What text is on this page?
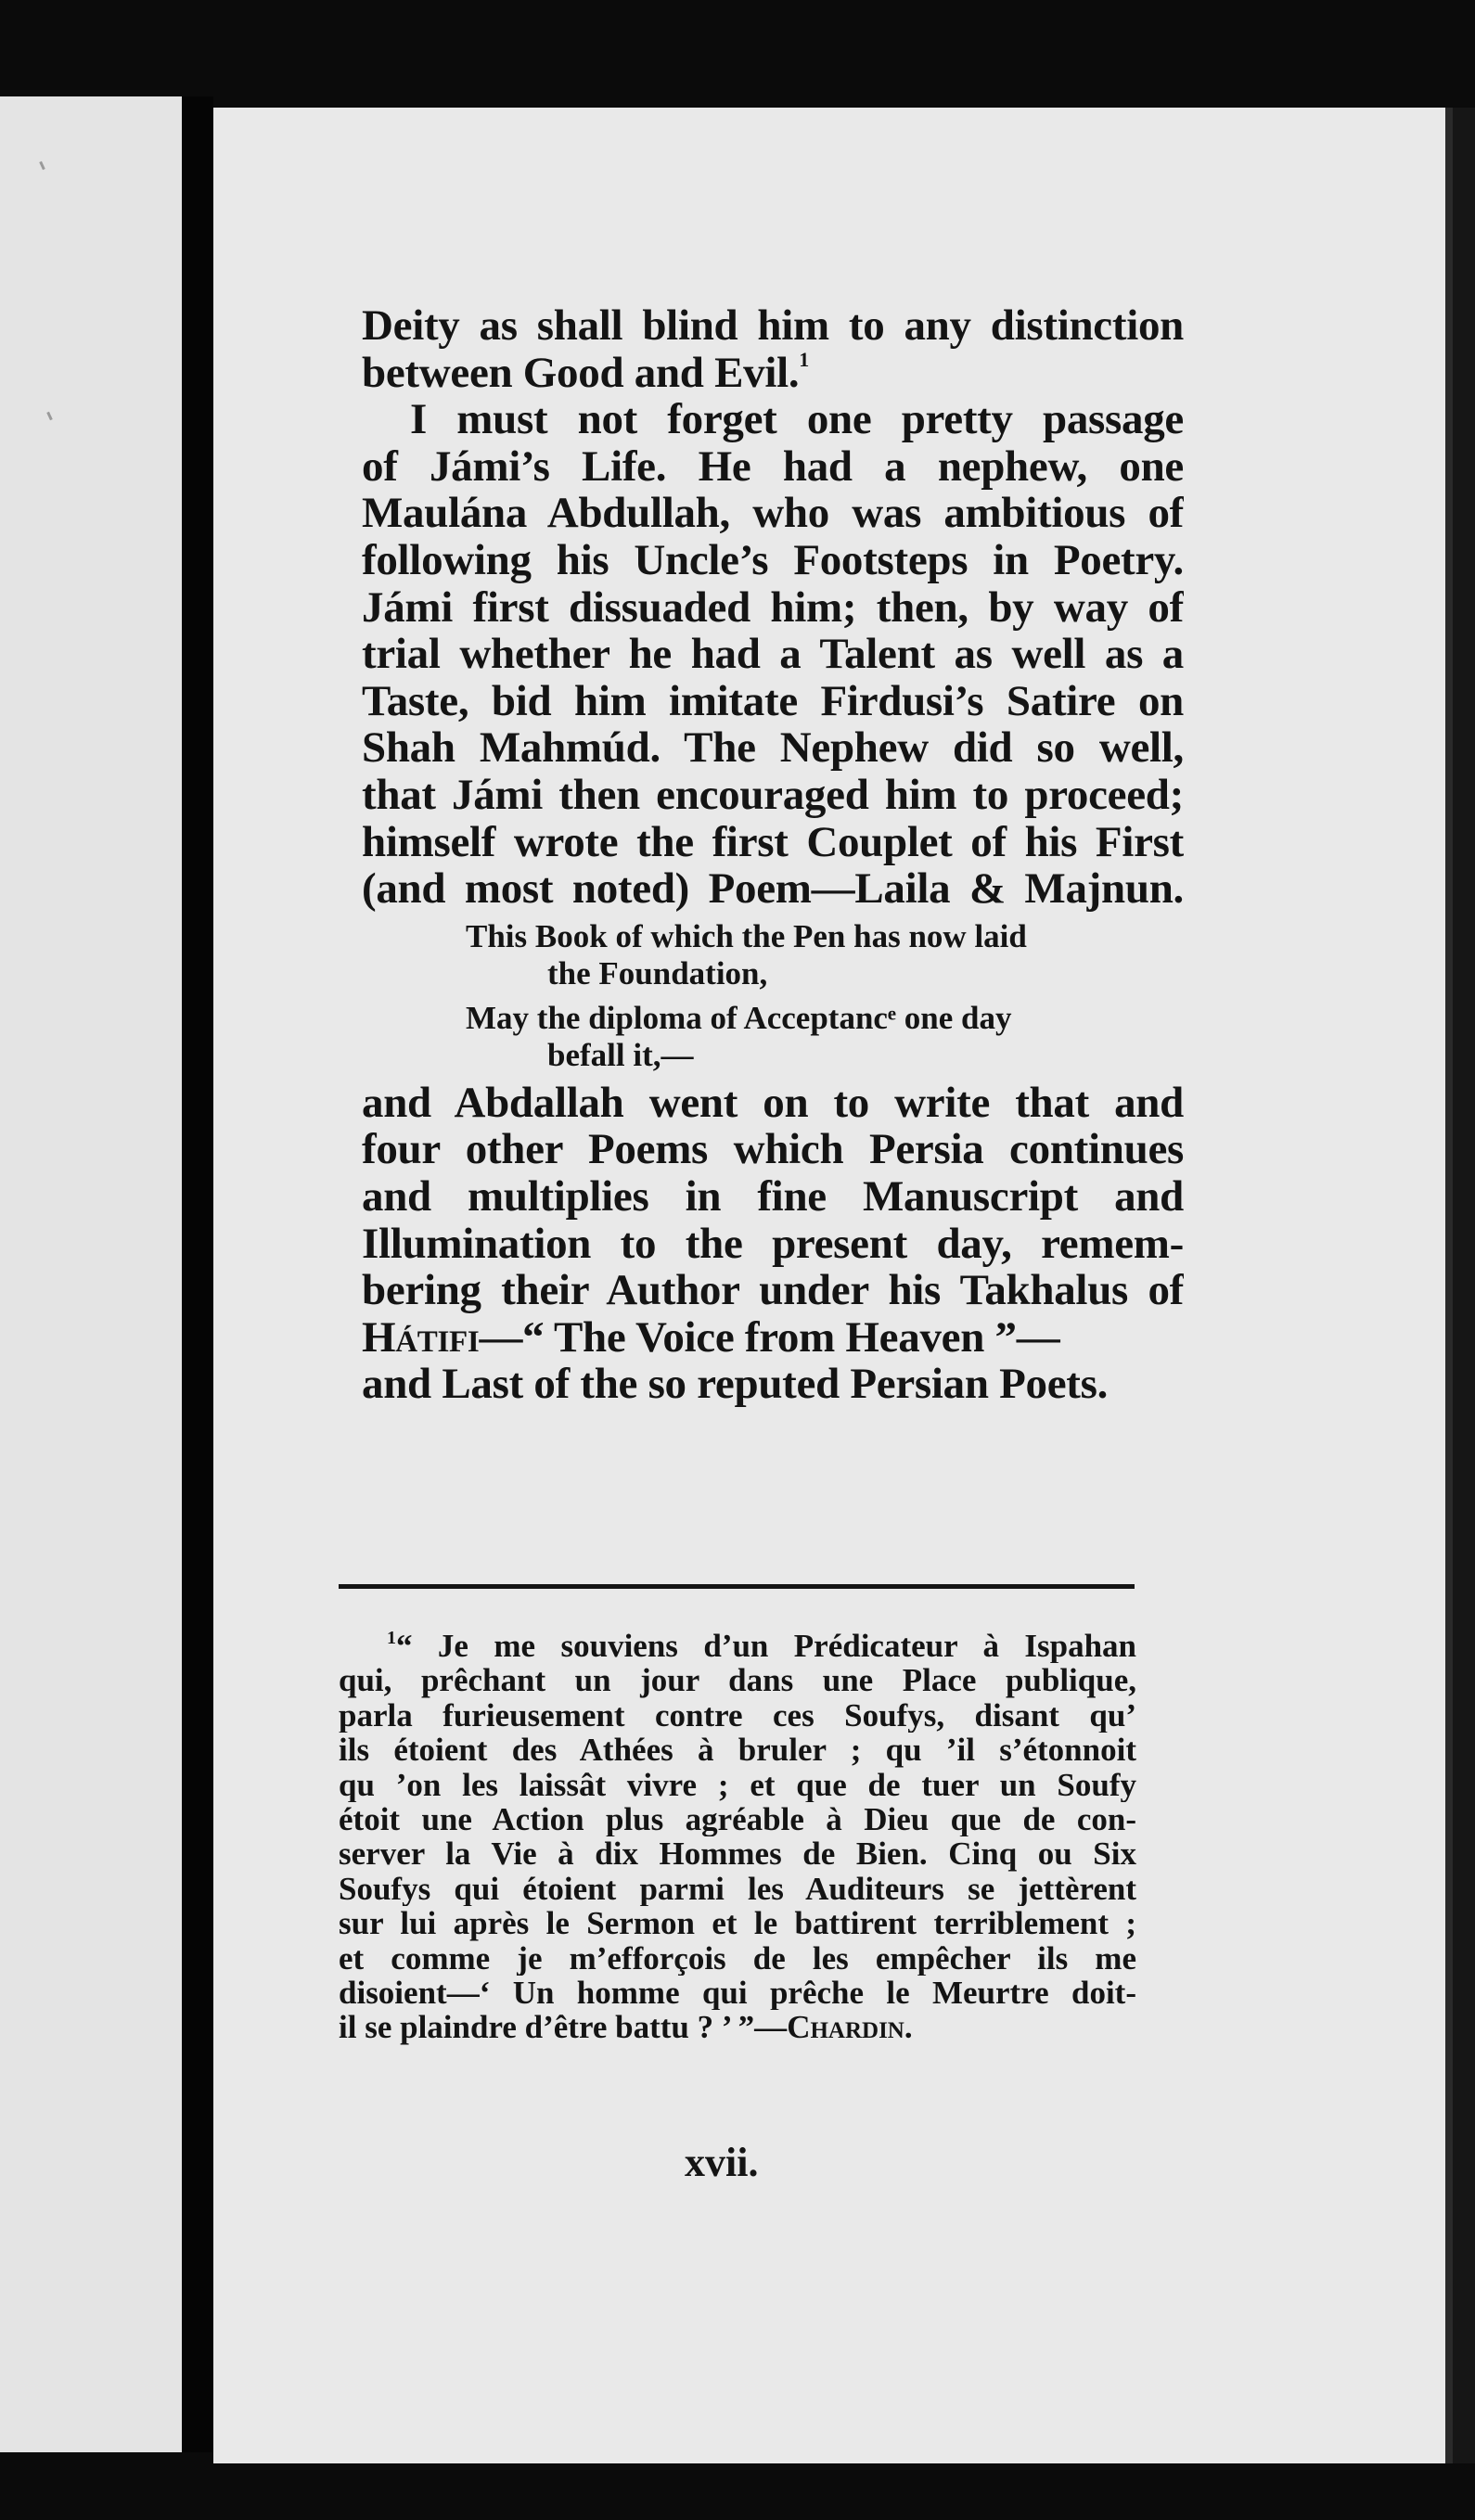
Deity as shall blind him to any distinction

between Good and Evil.$^1$

I must not forget one pretty passage

of Jámi’s Life. He had a nephew, one

Maulána Abdullah, who was ambitious of

following his Uncle’s Footsteps in Poetry.

Jámi first dissuaded him; then, by way of

trial whether he had a Talent as well as a

Taste, bid him imitate Firdusi’s Satire on

Shah Mahmúd. The Nephew did so well,

that Jámi then encouraged him to proceed;

himself wrote the first Couplet of his First

(and most noted) Poem—Laila & Majnun.

This Book of which the Pen has now laid

the Foundation,

May the diploma of Acceptancᵉ one day

befall it,—

and Abdallah went on to write that and

four other Poems which Persia continues

and multiplies in fine Manuscript and

Illumination to the present day, remem-

bering their Author under his Takhalus of

Hátifi—“ The Voice from Heaven ”—

and Last of the so reputed Persian Poets.

$^1$“ Je me souviens d’un Prédicateur à Ispahan

qui, prêchant un jour dans une Place publique,

parla furieusement contre ces Soufys, disant qu’

ils étoient des Athées à bruler ; qu ’il s’étonnoit

qu ’on les laissât vivre ; et que de tuer un Soufy

étoit une Action plus agréable à Dieu que de con-

server la Vie à dix Hommes de Bien. Cinq ou Six

Soufys qui étoient parmi les Auditeurs se jettèrent

sur lui après le Sermon et le battirent terriblement ;

et comme je m’efforçois de les empêcher ils me

disoient—‘ Un homme qui prêche le Meurtre doit-

il se plaindre d’être battu ? ’ ”—Chardin.

xvii.
